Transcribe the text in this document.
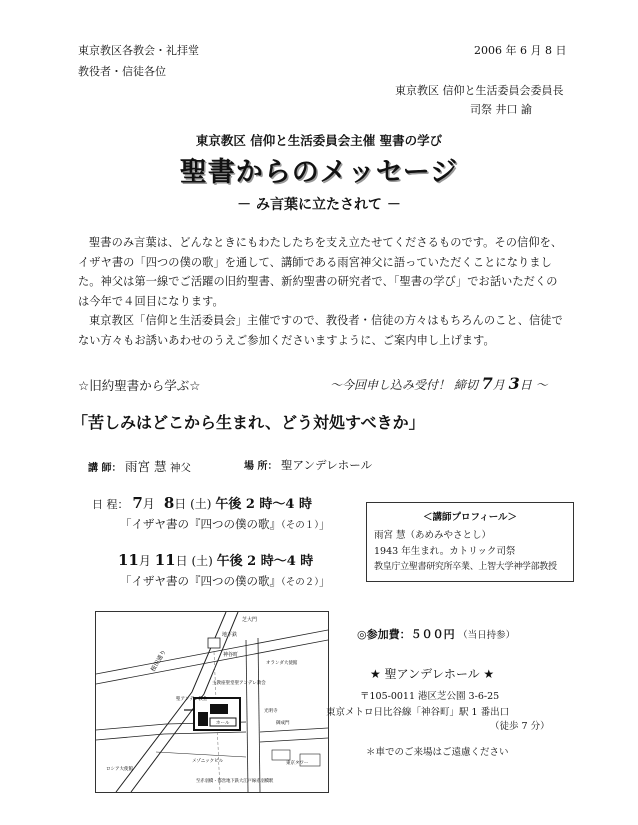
東京教区各教会・礼拝堂
教役者・信徒各位
2006 年 6 月 8 日
東京教区 信仰と生活委員会委員長
司祭 井口 諭
東京教区 信仰と生活委員会主催 聖書の学び
聖書からのメッセージ
－ み言葉に立たされて －

聖書のみ言葉は、どんなときにもわたしたちを支え立たせてくださるものです。その信仰を、イザヤ書の「四つの僕の歌」を通して、講師である雨宮神父に語っていただくことになりました。神父は第一線でご活躍の旧約聖書、新約聖書の研究者で、「聖書の学び」でお話いただくのは今年で４回目になります。

東京教区「信仰と生活委員会」主催ですので、教役者・信徒の方々はもちろんのこと、信徒でない方々もお誘いあわせのうえご参加くださいますように、ご案内申し上げます。

☆旧約聖書から学ぶ☆	～今回申し込み受付！ 締切 7月 3日 ～
「苦しみはどこから生まれ、どう対処すべきか」
講 師： 雨宮 慧 神父	場 所： 聖アンデレホール
日 程： 7月 8日 (土) 午後 2 時～4 時
「イザヤ書の『四つの僕の歌』（その１）」
11月 11日 (土) 午後 2 時～4 時
「イザヤ書の『四つの僕の歌』（その２）」
＜講師プロフィール＞
雨宮 慧（あめみやさとし）
1943 年生まれ。カトリック司祭
教皇庁立聖書研究所卒業、上智大学神学部教授
芝大門
地下鉄
神谷町
オランダ大使館
桜田通り
主教座聖堂聖アンデレ教会
聖アンデレ教会
ホール
光明寺
御成門
ロシア大使館
メゾニックビル	東京タワー
至赤羽橋・都営地下鉄大江戸線赤羽橋駅
◎参加費：５００円 （当日持参）
★ 聖アンデレホール ★
〒105-0011 港区芝公園 3-6-25
東京メトロ日比谷線「神谷町」駅 1 番出口
（徒歩 7 分）
＊車でのご来場はご遠慮ください
